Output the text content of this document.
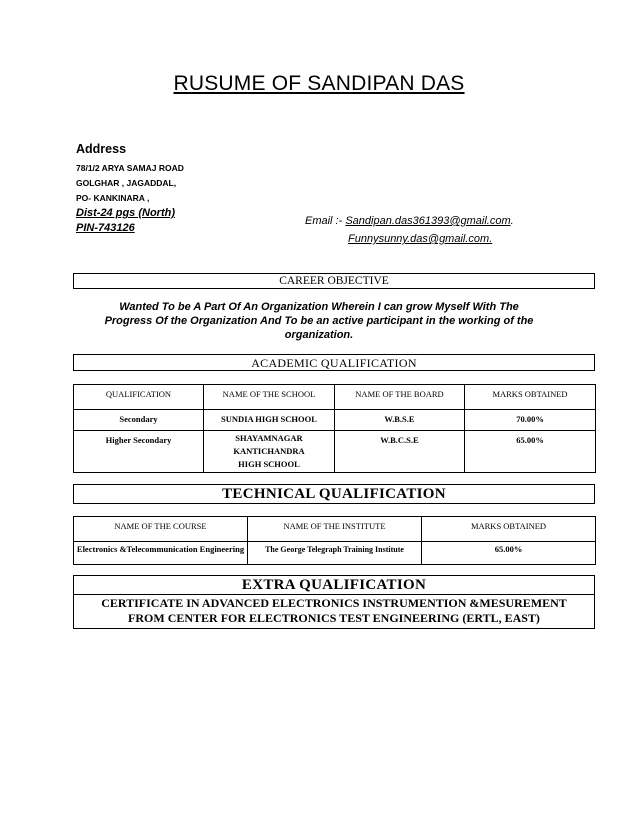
RUSUME OF SANDIPAN DAS
Address
78/1/2 ARYA SAMAJ ROAD
GOLGHAR , JAGADDAL,
PO- KANKINARA ,
Dist-24 pgs (North)
PIN-743126
Email :- Sandipan.das361393@gmail.com.
Funnysunny.das@gmail.com.
CAREER OBJECTIVE
Wanted To be A Part Of An Organization Wherein I can grow Myself With The
Progress Of the Organization And To be an active participant in the working of the
organization.
ACADEMIC QUALIFICATION
QUALIFICATION	NAME OF THE SCHOOL	NAME OF THE BOARD	MARKS OBTAINED
Secondary	SUNDIA HIGH SCHOOL	W.B.S.E	70.00%
Higher Secondary	SHAYAMNAGAR KANTICHANDRA HIGH SCHOOL	W.B.C.S.E	65.00%
TECHNICAL QUALIFICATION
NAME OF THE COURSE	NAME OF THE INSTITUTE	MARKS OBTAINED
Electronics &Telecommunication Engineering	The George Telegraph Training Institute	65.00%
EXTRA QUALIFICATION
CERTIFICATE IN ADVANCED ELECTRONICS INSTRUMENTION &MESUREMENT
FROM CENTER FOR ELECTRONICS TEST ENGINEERING (ERTL, EAST)
